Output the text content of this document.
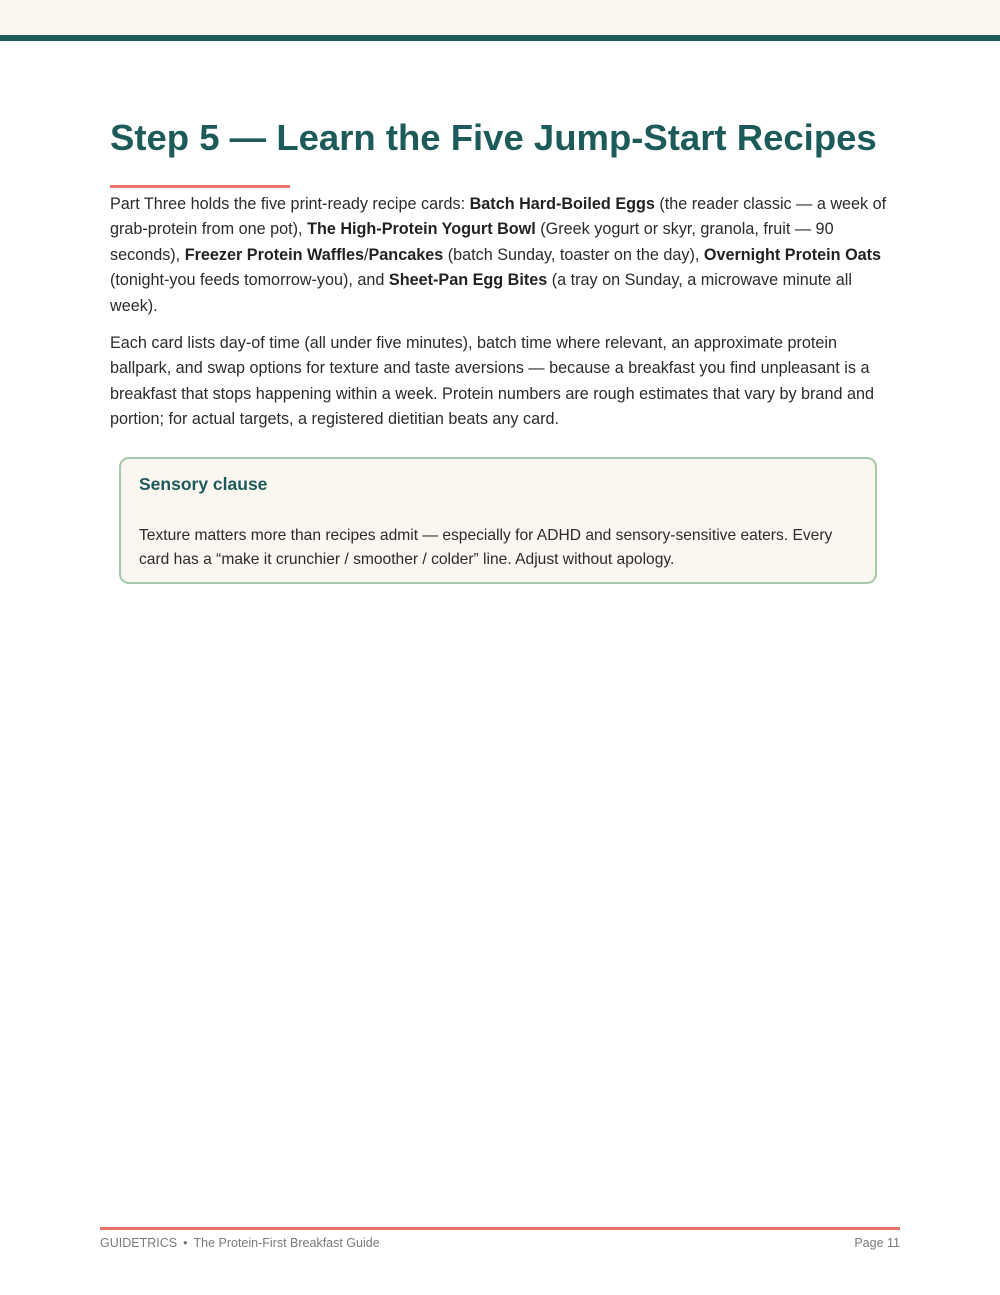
Step 5 — Learn the Five Jump-Start Recipes

Part Three holds the five print-ready recipe cards: Batch Hard-Boiled Eggs (the reader classic — a week of grab-protein from one pot), The High-Protein Yogurt Bowl (Greek yogurt or skyr, granola, fruit — 90 seconds), Freezer Protein Waffles/Pancakes (batch Sunday, toaster on the day), Overnight Protein Oats (tonight-you feeds tomorrow-you), and Sheet-Pan Egg Bites (a tray on Sunday, a microwave minute all week).

Each card lists day-of time (all under five minutes), batch time where relevant, an approximate protein ballpark, and swap options for texture and taste aversions — because a breakfast you find unpleasant is a breakfast that stops happening within a week. Protein numbers are rough estimates that vary by brand and portion; for actual targets, a registered dietitian beats any card.

Sensory clause

Texture matters more than recipes admit — especially for ADHD and sensory-sensitive eaters. Every card has a “make it crunchier / smoother / colder” line. Adjust without apology.

GUIDETRICS • The Protein-First Breakfast Guide	Page 11
